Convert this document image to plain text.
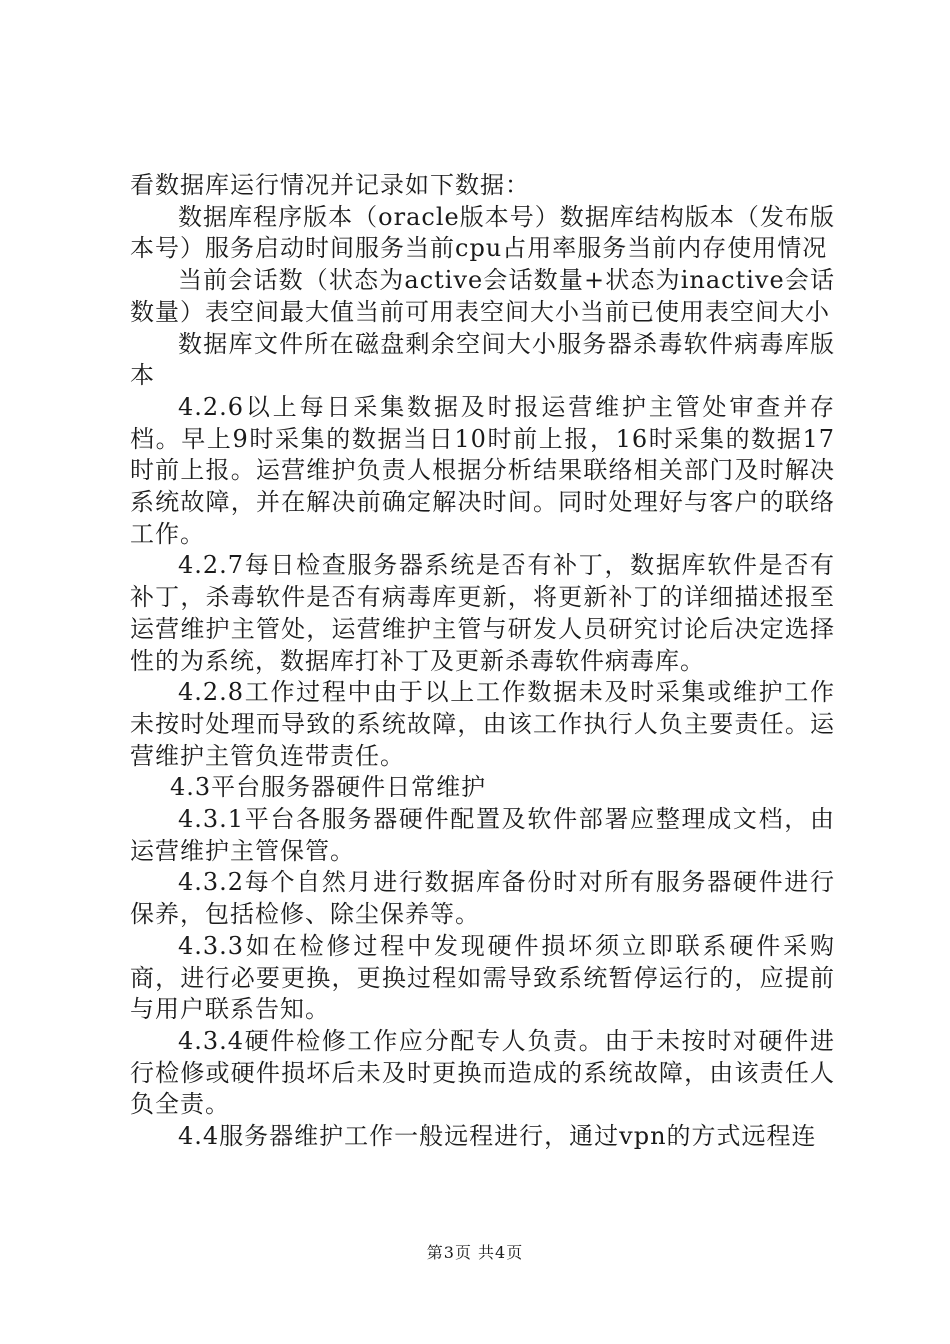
看数据库运行情况并记录如下数据：

数据库程序版本（oracle版本号）数据库结构版本（发布版本号）服务启动时间服务当前cpu占用率服务当前内存使用情况

当前会话数（状态为active会话数量+状态为inactive会话数量）表空间最大值当前可用表空间大小当前已使用表空间大小

数据库文件所在磁盘剩余空间大小服务器杀毒软件病毒库版本

4.2.6以上每日采集数据及时报运营维护主管处审查并存档。早上9时采集的数据当日10时前上报，16时采集的数据17时前上报。运营维护负责人根据分析结果联络相关部门及时解决系统故障，并在解决前确定解决时间。同时处理好与客户的联络工作。

4.2.7每日检查服务器系统是否有补丁，数据库软件是否有补丁，杀毒软件是否有病毒库更新，将更新补丁的详细描述报至运营维护主管处，运营维护主管与研发人员研究讨论后决定选择性的为系统，数据库打补丁及更新杀毒软件病毒库。

4.2.8工作过程中由于以上工作数据未及时采集或维护工作未按时处理而导致的系统故障，由该工作执行人负主要责任。运营维护主管负连带责任。

4.3平台服务器硬件日常维护

4.3.1平台各服务器硬件配置及软件部署应整理成文档，由运营维护主管保管。

4.3.2每个自然月进行数据库备份时对所有服务器硬件进行保养，包括检修、除尘保养等。

4.3.3如在检修过程中发现硬件损坏须立即联系硬件采购商，进行必要更换，更换过程如需导致系统暂停运行的，应提前与用户联系告知。

4.3.4硬件检修工作应分配专人负责。由于未按时对硬件进行检修或硬件损坏后未及时更换而造成的系统故障，由该责任人负全责。

4.4服务器维护工作一般远程进行，通过vpn的方式远程连

第3页 共4页
